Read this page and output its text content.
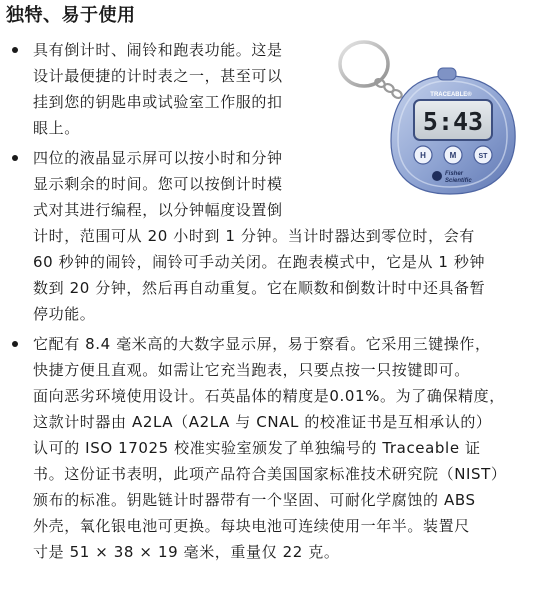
独特、易于使用

具有倒计时、闹铃和跑表功能。这是

设计最便捷的计时表之一，甚至可以

挂到您的钥匙串或试验室工作服的扣

眼上。

四位的液晶显示屏可以按小时和分钟

显示剩余的时间。您可以按倒计时模

式对其进行编程，以分钟幅度设置倒

计时，范围可从 20 小时到 1 分钟。当计时器达到零位时，会有

60 秒钟的闹铃，闹铃可手动关闭。在跑表模式中，它是从 1 秒钟

数到 20 分钟，然后再自动重复。它在顺数和倒数计时中还具备暂

停功能。

它配有 8.4 毫米高的大数字显示屏，易于察看。它采用三键操作，

快捷方便且直观。如需让它充当跑表，只要点按一只按键即可。

面向恶劣环境使用设计。石英晶体的精度是0.01%。为了确保精度，

这款计时器由 A2LA（A2LA 与 CNAL 的校准证书是互相承认的）

认可的 ISO 17025 校准实验室颁发了单独编号的 Traceable 证

书。这份证书表明，此项产品符合美国国家标准技术研究院（NIST）

颁布的标准。钥匙链计时器带有一个坚固、可耐化学腐蚀的 ABS

外壳，氧化银电池可更换。每块电池可连续使用一年半。装置尺

寸是 51 × 38 × 19 毫米，重量仅 22 克。

TRACEABLE®
5:43
H	M	ST
Fisher
Scientific
